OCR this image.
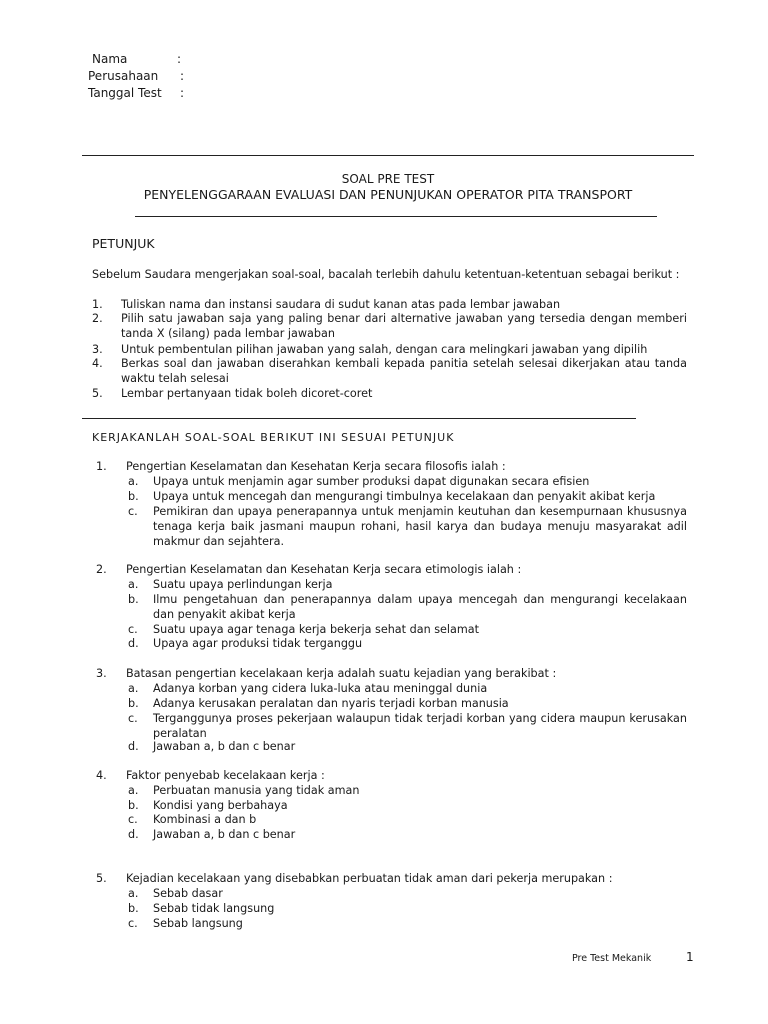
Nama	:
Perusahaan :
Tanggal Test :
SOAL PRE TEST
PENYELENGGARAAN EVALUASI DAN PENUNJUKAN OPERATOR PITA TRANSPORT
PETUNJUK
Sebelum Saudara mengerjakan soal-soal, bacalah terlebih dahulu ketentuan-ketentuan sebagai berikut :
1. Tuliskan nama dan instansi saudara di sudut kanan atas pada lembar jawaban
2. Pilih satu jawaban saja yang paling benar dari alternative jawaban yang tersedia dengan memberi tanda X (silang) pada lembar jawaban
3. Untuk pembentulan pilihan jawaban yang salah, dengan cara melingkari jawaban yang dipilih
4. Berkas soal dan jawaban diserahkan kembali kepada panitia setelah selesai dikerjakan atau tanda waktu telah selesai
5. Lembar pertanyaan tidak boleh dicoret-coret
KERJAKANLAH SOAL-SOAL BERIKUT INI SESUAI PETUNJUK
1. Pengertian Keselamatan dan Kesehatan Kerja secara filosofis ialah :
a. Upaya untuk menjamin agar sumber produksi dapat digunakan secara efisien
b. Upaya untuk mencegah dan mengurangi timbulnya kecelakaan dan penyakit akibat kerja
c. Pemikiran dan upaya penerapannya untuk menjamin keutuhan dan kesempurnaan khususnya tenaga kerja baik jasmani maupun rohani, hasil karya dan budaya menuju masyarakat adil makmur dan sejahtera.
2. Pengertian Keselamatan dan Kesehatan Kerja secara etimologis ialah :
a. Suatu upaya perlindungan kerja
b. Ilmu pengetahuan dan penerapannya dalam upaya mencegah dan mengurangi kecelakaan dan penyakit akibat kerja
c. Suatu upaya agar tenaga kerja bekerja sehat dan selamat
d. Upaya agar produksi tidak terganggu
3. Batasan pengertian kecelakaan kerja adalah suatu kejadian yang berakibat :
a. Adanya korban yang cidera luka-luka atau meninggal dunia
b. Adanya kerusakan peralatan dan nyaris terjadi korban manusia
c. Terganggunya proses pekerjaan walaupun tidak terjadi korban yang cidera maupun kerusakan peralatan
d. Jawaban a, b dan c benar
4. Faktor penyebab kecelakaan kerja :
a. Perbuatan manusia yang tidak aman
b. Kondisi yang berbahaya
c. Kombinasi a dan b
d. Jawaban a, b dan c benar
5. Kejadian kecelakaan yang disebabkan perbuatan tidak aman dari pekerja merupakan :
a. Sebab dasar
b. Sebab tidak langsung
c. Sebab langsung
Pre Test Mekanik	1
